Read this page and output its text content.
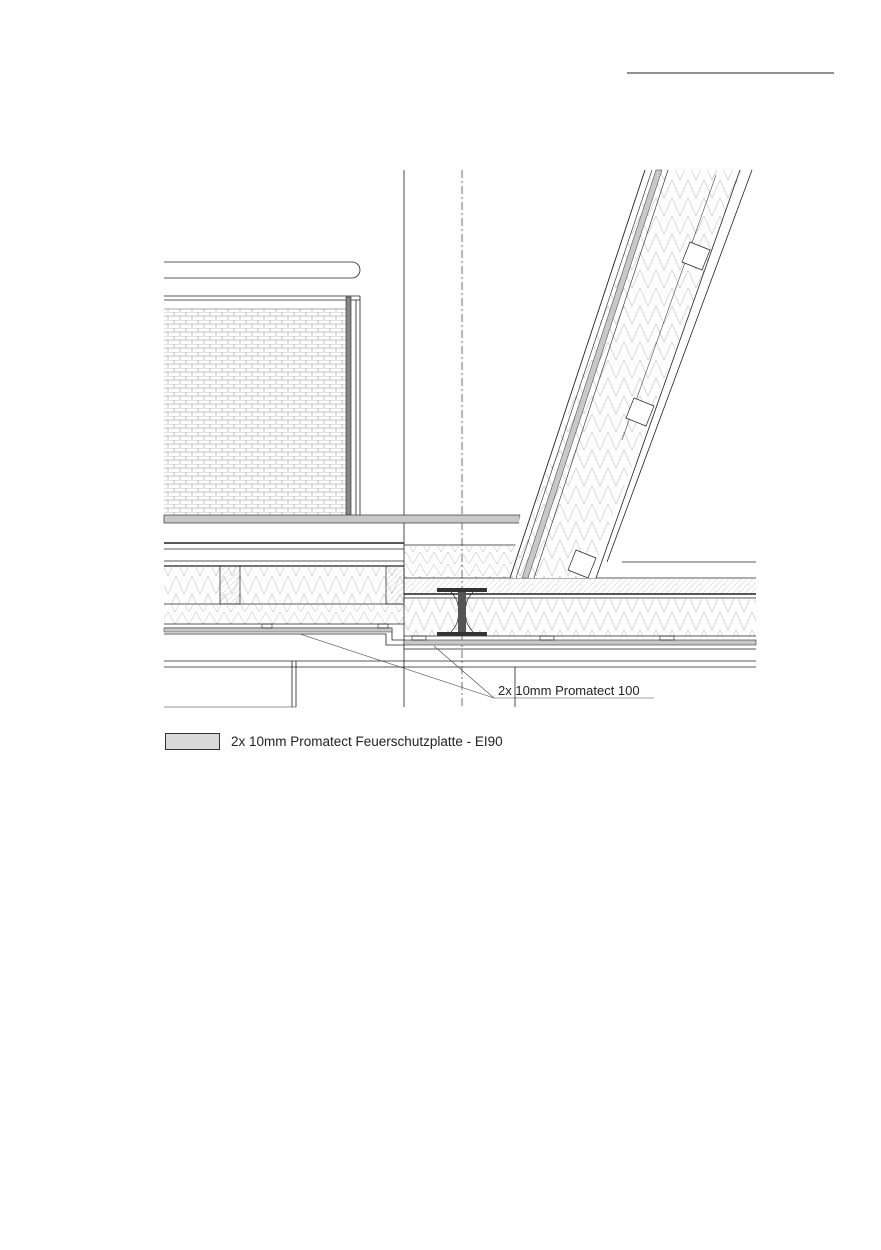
2x 10mm Promatect 100
2x 10mm Promatect Feuerschutzplatte - EI90
